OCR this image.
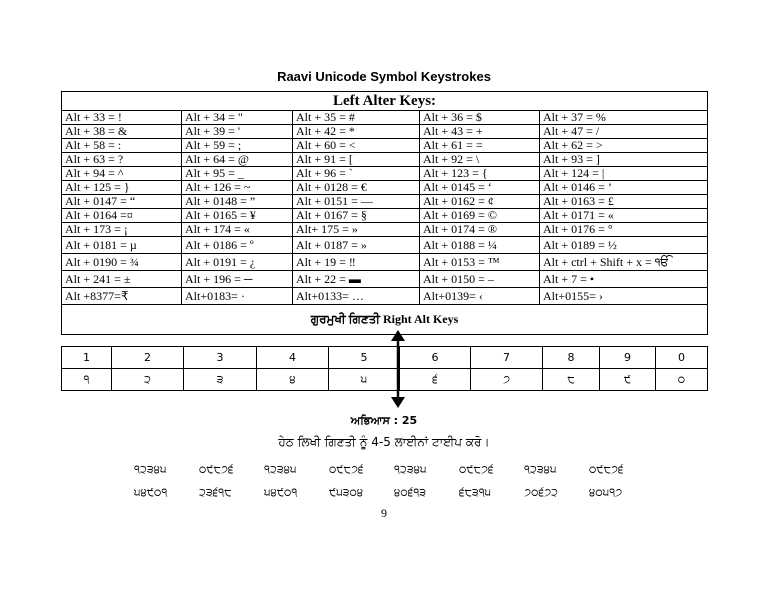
Raavi Unicode Symbol Keystrokes
Left Alter Keys:				
Alt + 33 = !	Alt + 34 = "	Alt + 35 = #	Alt + 36 = $	Alt + 37 = %
Alt + 38 = &	Alt + 39 = '	Alt + 42 = *	Alt + 43 = +	Alt + 47 = /
Alt + 58 = :	Alt + 59 = ;	Alt + 60 = <	Alt + 61 = =	Alt + 62 = >
Alt + 63 = ?	Alt + 64 = @	Alt + 91 = [	Alt + 92 = \	Alt + 93 = ]
Alt + 94 = ^	Alt + 95 = _	Alt + 96 = `	Alt + 123 = {	Alt + 124 = |
Alt + 125 = }	Alt + 126 = ~	Alt + 0128 = €	Alt + 0145 = ‘	Alt + 0146 = ’
Alt + 0147 = “	Alt + 0148 = ”	Alt + 0151 = —	Alt + 0162 = ¢	Alt + 0163 = £
Alt + 0164 =¤	Alt + 0165 = ¥	Alt + 0167 = §	Alt + 0169 = ©	Alt + 0171 = «
Alt + 173 = ¡	Alt + 174 = «	Alt+ 175 = »	Alt + 0174 = ®	Alt + 0176 = °
Alt + 0181 = µ	Alt + 0186 = º	Alt + 0187 = »	Alt + 0188 = ¼	Alt + 0189 = ½
Alt + 0190 = ¾	Alt + 0191 = ¿	Alt + 19 = ‼	Alt + 0153 = ™	Alt + ctrl + Shift + x = ੴ
Alt + 241 = ±	Alt + 196 = ─	Alt + 22 = ▬	Alt + 0150 = –	Alt + 7 = •
Alt +8377=₹	Alt+0183= ·	Alt+0133= …	Alt+0139= ‹	Alt+0155= ›
ਗੁਰਮੁਖੀ ਗਿਣਤੀ Right Alt Keys				
1	2	3	4	5	6	7	8	9	0
੧	੨	੩	੪	੫	੬	੭	੮	੯	੦
ਅਭਿਆਸ : 25
ਹੇਠ ਲਿਖੀ ਗਿਣਤੀ ਨੂੰ 4-5 ਲਾਈਨਾਂ ਟਾਈਪ ਕਰੋ।
੧੨੩੪੫	੦੯੮੭੬	੧੨੩੪੫	੦੯੮੭੬	੧੨੩੪੫	੦੯੮੭੬	੧੨੩੪੫	੦੯੮੭੬
੫੪੯੦੧	੨੩੬੧੮	੫੪੯੦੧	੯੫੩੦੪	੪੦੬੧੩	੬੮੩੧੫	੭੦੬੭੨	੪੦੫੧੭
9
